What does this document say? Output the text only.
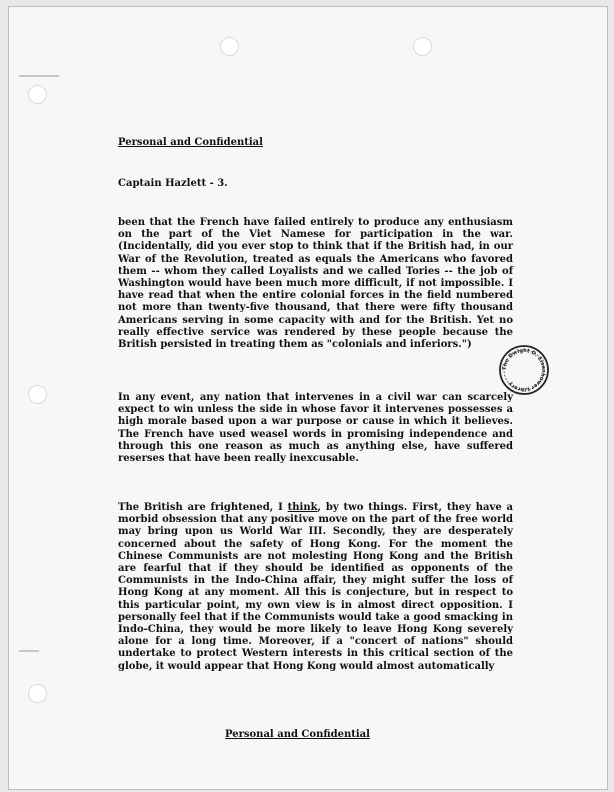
Personal and Confidential
Captain Hazlett - 3.
been that the French have failed entirely to produce any enthusiasm on the part of the Viet Namese for participation in the war. (Incidentally, did you ever stop to think that if the British had, in our War of the Revolution, treated as equals the Americans who favored them -- whom they called Loyalists and we called Tories -- the job of Washington would have been much more difficult, if not impossible. I have read that when the entire colonial forces in the field numbered not more than twenty-five thousand, that there were fifty thousand Americans serving in some capacity with and for the British. Yet no really effective service was rendered by these people because the British persisted in treating them as "colonials and inferiors.")
In any event, any nation that intervenes in a civil war can scarcely expect to win unless the side in whose favor it intervenes possesses a high morale based upon a war purpose or cause in which it believes. The French have used weasel words in promising independence and through this one reason as much as anything else, have suffered reserses that have been really inexcusable.
The British are frightened, I think, by two things. First, they have a morbid obsession that any positive move on the part of the free world may bring upon us World War III. Secondly, they are desperately concerned about the safety of Hong Kong. For the moment the Chinese Communists are not molesting Hong Kong and the British are fearful that if they should be identified as opponents of the Communists in the Indo-China affair, they might suffer the loss of Hong Kong at any moment. All this is conjecture, but in respect to this particular point, my own view is in almost direct opposition. I personally feel that if the Communists would take a good smacking in Indo-China, they would be more likely to leave Hong Kong severely alone for a long time. Moreover, if a "concert of nations" should undertake to protect Western interests in this critical section of the globe, it would appear that Hong Kong would almost automatically
Personal and Confidential
The Dwight D. Eisenhower Library
